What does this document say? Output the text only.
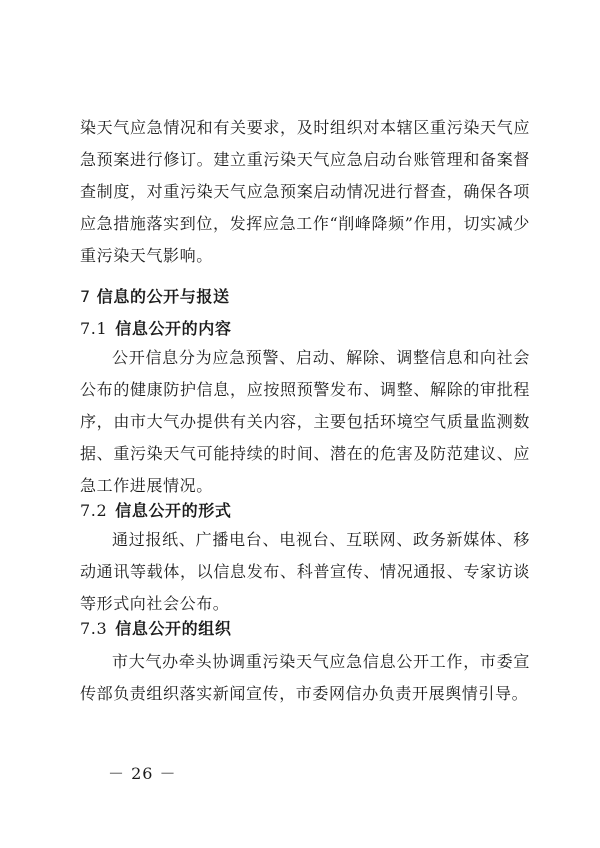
染天气应急情况和有关要求，及时组织对本辖区重污染天气应急预案进行修订。建立重污染天气应急启动台账管理和备案督查制度，对重污染天气应急预案启动情况进行督查，确保各项应急措施落实到位，发挥应急工作“削峰降频”作用，切实减少重污染天气影响。
7 信息的公开与报送
7.1 信息公开的内容
公开信息分为应急预警、启动、解除、调整信息和向社会公布的健康防护信息，应按照预警发布、调整、解除的审批程序，由市大气办提供有关内容，主要包括环境空气质量监测数据、重污染天气可能持续的时间、潜在的危害及防范建议、应急工作进展情况。
7.2 信息公开的形式
通过报纸、广播电台、电视台、互联网、政务新媒体、移动通讯等载体，以信息发布、科普宣传、情况通报、专家访谈等形式向社会公布。
7.3 信息公开的组织
市大气办牵头协调重污染天气应急信息公开工作，市委宣传部负责组织落实新闻宣传，市委网信办负责开展舆情引导。
－ 26 －
